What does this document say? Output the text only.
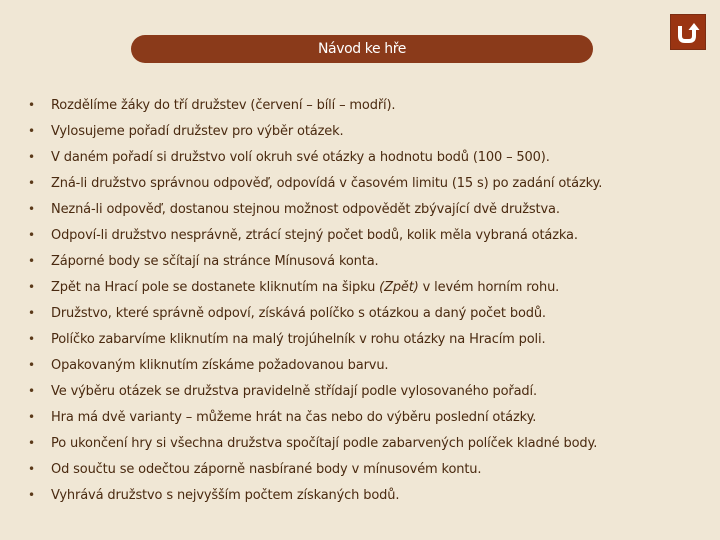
Návod ke hře
•	Rozdělíme žáky do tří družstev (červení – bílí – modří).
•	Vylosujeme pořadí družstev pro výběr otázek.
•	V daném pořadí si družstvo volí okruh své otázky a hodnotu bodů (100 – 500).
•	Zná-li družstvo správnou odpověď, odpovídá v časovém limitu (15 s) po zadání otázky.
•	Nezná-li odpověď, dostanou stejnou možnost odpovědět zbývající dvě družstva.
•	Odpoví-li družstvo nesprávně, ztrácí stejný počet bodů, kolik měla vybraná otázka.
•	Záporné body se sčítají na stránce Mínusová konta.
•	Zpět na Hrací pole se dostanete kliknutím na šipku (Zpět) v levém horním rohu.
•	Družstvo, které správně odpoví, získává políčko s otázkou a daný počet bodů.
•	Políčko zabarvíme kliknutím na malý trojúhelník v rohu otázky na Hracím poli.
•	Opakovaným kliknutím získáme požadovanou barvu.
•	Ve výběru otázek se družstva pravidelně střídají podle vylosovaného pořadí.
•	Hra má dvě varianty – můžeme hrát na čas nebo do výběru poslední otázky.
•	Po ukončení hry si všechna družstva spočítají podle zabarvených políček kladné body.
•	Od součtu se odečtou záporně nasbírané body v mínusovém kontu.
•	Vyhrává družstvo s nejvyšším počtem získaných bodů.
